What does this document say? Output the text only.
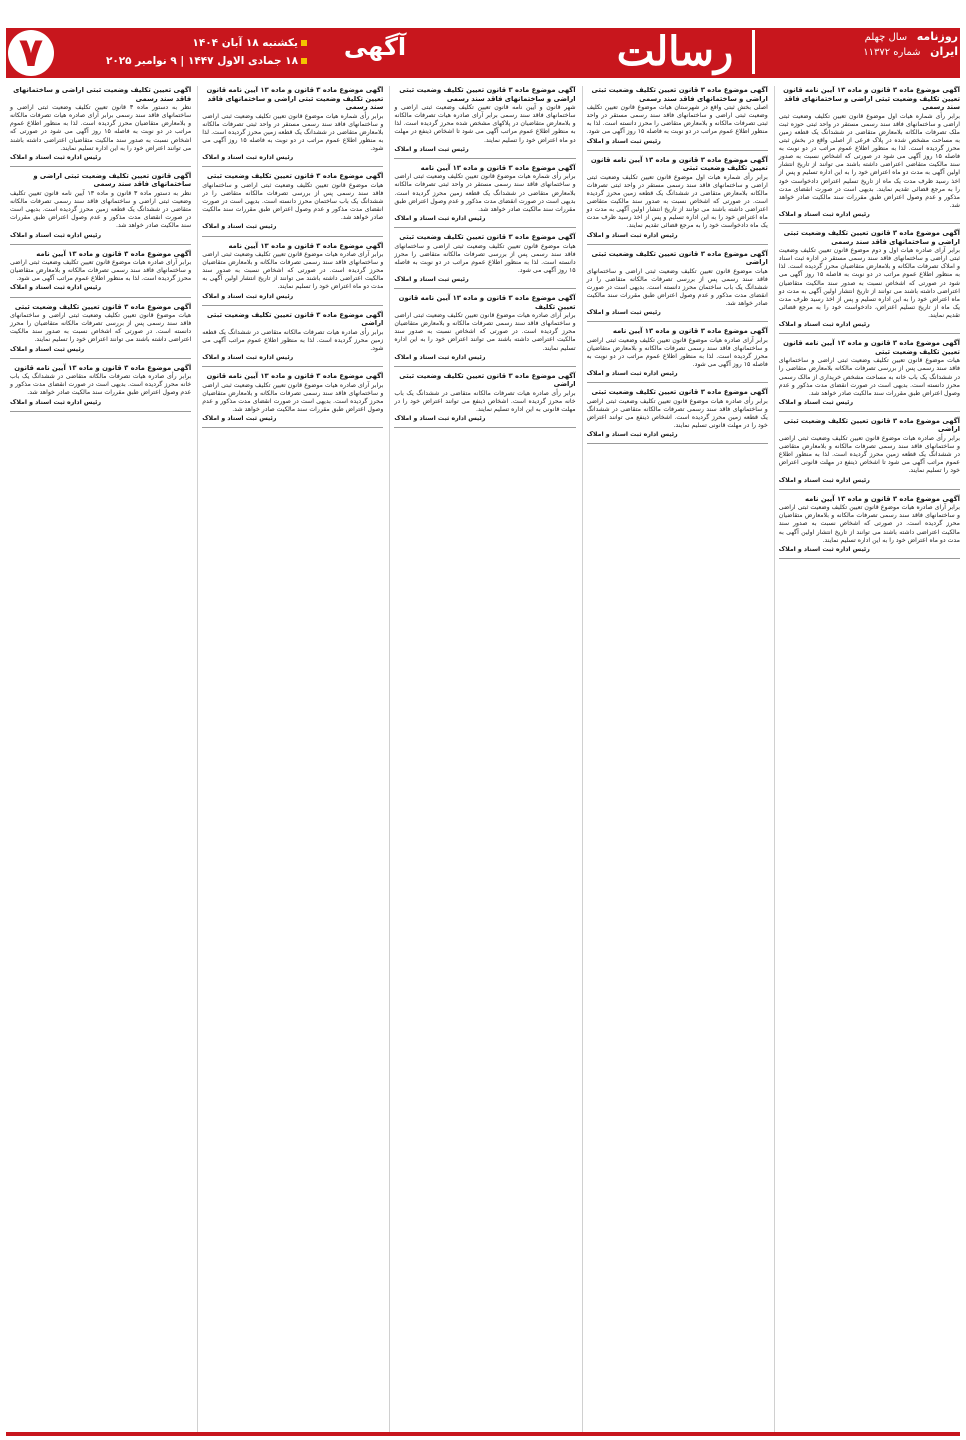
۷	یکشنبه ۱۸ آبان ۱۴۰۴
۱۸ جمادی الاول ۱۴۴۷ | ۹ نوامبر ۲۰۲۵	آگهی	رسالت	روزنامه   سال چهلم
ایران   شماره ۱۱۳۷۲
آگهی موضوع ماده ۳ قانون و ماده ۱۳ آیین نامه قانون تعیین تکلیف وضعیت ثبتی اراضی و ساختمانهای فاقد سند رسمی

برابر رأی شماره هیات اول موضوع قانون تعیین تکلیف وضعیت ثبتی اراضی و ساختمانهای فاقد سند رسمی مستقر در واحد ثبتی حوزه ثبت ملک تصرفات مالکانه بلامعارض متقاضی در ششدانگ یک قطعه زمین به مساحت مشخص شده در پلاک فرعی از اصلی واقع در بخش ثبتی محرز گردیده است. لذا به منظور اطلاع عموم مراتب در دو نوبت به فاصله ۱۵ روز آگهی می شود در صورتی که اشخاص نسبت به صدور سند مالکیت متقاضی اعتراضی داشته باشند می توانند از تاریخ انتشار اولین آگهی به مدت دو ماه اعتراض خود را به این اداره تسلیم و پس از اخذ رسید ظرف مدت یک ماه از تاریخ تسلیم اعتراض دادخواست خود را به مرجع قضائی تقدیم نمایند. بدیهی است در صورت انقضای مدت مذکور و عدم وصول اعتراض طبق مقررات سند مالکیت صادر خواهد شد.

رئیس اداره ثبت اسناد و املاک
آگهی موضوع ماده ۳ قانون تعیین تکلیف وضعیت ثبتی اراضی و ساختمانهای فاقد سند رسمی

برابر آرای صادره هیات اول و دوم موضوع قانون تعیین تکلیف وضعیت ثبتی اراضی و ساختمانهای فاقد سند رسمی مستقر در اداره ثبت اسناد و املاک تصرفات مالکانه و بلامعارض متقاضیان محرز گردیده است. لذا به منظور اطلاع عموم مراتب در دو نوبت به فاصله ۱۵ روز آگهی می شود در صورتی که اشخاص نسبت به صدور سند مالکیت متقاضیان اعتراضی داشته باشند می توانند از تاریخ انتشار اولین آگهی به مدت دو ماه اعتراض خود را به این اداره تسلیم و پس از اخذ رسید ظرف مدت یک ماه از تاریخ تسلیم اعتراض، دادخواست خود را به مرجع قضائی تقدیم نمایند.

رئیس اداره ثبت اسناد و املاک
آگهی موضوع ماده ۳ قانون و ماده ۱۳ آیین نامه قانون تعیین تکلیف وضعیت ثبتی

هیات موضوع قانون تعیین تکلیف وضعیت ثبتی اراضی و ساختمانهای فاقد سند رسمی پس از بررسی تصرفات مالکانه بلامعارض متقاضی را در ششدانگ یک باب خانه به مساحت مشخص خریداری از مالک رسمی محرز دانسته است. بدیهی است در صورت انقضای مدت مذکور و عدم وصول اعتراض طبق مقررات سند مالکیت صادر خواهد شد.

رئیس ثبت اسناد و املاک
آگهی موضوع ماده ۳ قانون تعیین تکلیف وضعیت ثبتی اراضی

برابر رأی صادره هیات موضوع قانون تعیین تکلیف وضعیت ثبتی اراضی و ساختمانهای فاقد سند رسمی تصرفات مالکانه و بلامعارض متقاضی در ششدانگ یک قطعه زمین محرز گردیده است. لذا به منظور اطلاع عموم مراتب آگهی می شود تا اشخاص ذینفع در مهلت قانونی اعتراض خود را تسلیم نمایند.

رئیس اداره ثبت اسناد و املاک
آگهی موضوع ماده ۳ قانون و ماده ۱۳ آیین نامه

برابر آرای صادره هیات موضوع قانون تعیین تکلیف وضعیت ثبتی اراضی و ساختمانهای فاقد سند رسمی تصرفات مالکانه و بلامعارض متقاضیان محرز گردیده است. در صورتی که اشخاص نسبت به صدور سند مالکیت اعتراضی داشته باشند می توانند از تاریخ انتشار اولین آگهی به مدت دو ماه اعتراض خود را به این اداره تسلیم نمایند.

رئیس اداره ثبت اسناد و املاک
آگهی موضوع ماده ۳ قانون تعیین تکلیف وضعیت ثبتی اراضی و ساختمانهای فاقد سند رسمی

اصلی بخش ثبتی واقع در شهرستان هیات موضوع قانون تعیین تکلیف وضعیت ثبتی اراضی و ساختمانهای فاقد سند رسمی مستقر در واحد ثبتی تصرفات مالکانه و بلامعارض متقاضی را محرز دانسته است. لذا به منظور اطلاع عموم مراتب در دو نوبت به فاصله ۱۵ روز آگهی می شود.

رئیس ثبت اسناد و املاک
آگهی موضوع ماده ۳ قانون و ماده ۱۳ آیین نامه قانون تعیین تکلیف وضعیت ثبتی

برابر رأی شماره هیات اول موضوع قانون تعیین تکلیف وضعیت ثبتی اراضی و ساختمانهای فاقد سند رسمی مستقر در واحد ثبتی تصرفات مالکانه بلامعارض متقاضی در ششدانگ یک قطعه زمین محرز گردیده است. در صورتی که اشخاص نسبت به صدور سند مالکیت متقاضی اعتراضی داشته باشند می توانند از تاریخ انتشار اولین آگهی به مدت دو ماه اعتراض خود را به این اداره تسلیم و پس از اخذ رسید ظرف مدت یک ماه دادخواست خود را به مرجع قضائی تقدیم نمایند.

رئیس اداره ثبت اسناد و املاک
آگهی موضوع ماده ۳ قانون تعیین تکلیف وضعیت ثبتی اراضی

هیات موضوع قانون تعیین تکلیف وضعیت ثبتی اراضی و ساختمانهای فاقد سند رسمی پس از بررسی تصرفات مالکانه متقاضی را در ششدانگ یک باب ساختمان محرز دانسته است. بدیهی است در صورت انقضای مدت مذکور و عدم وصول اعتراض طبق مقررات سند مالکیت صادر خواهد شد.

رئیس ثبت اسناد و املاک
آگهی موضوع ماده ۳ قانون و ماده ۱۳ آیین نامه

برابر آرای صادره هیات موضوع قانون تعیین تکلیف وضعیت ثبتی اراضی و ساختمانهای فاقد سند رسمی تصرفات مالکانه و بلامعارض متقاضیان محرز گردیده است. لذا به منظور اطلاع عموم مراتب در دو نوبت به فاصله ۱۵ روز آگهی می شود.

رئیس اداره ثبت اسناد و املاک
آگهی موضوع ماده ۳ قانون تعیین تکلیف وضعیت ثبتی

برابر رأی صادره هیات موضوع قانون تعیین تکلیف وضعیت ثبتی اراضی و ساختمانهای فاقد سند رسمی تصرفات مالکانه متقاضی در ششدانگ یک قطعه زمین محرز گردیده است. اشخاص ذینفع می توانند اعتراض خود را در مهلت قانونی تسلیم نمایند.

رئیس اداره ثبت اسناد و املاک
آگهی موضوع ماده ۳ قانون تعیین تکلیف وضعیت ثبتی اراضی و ساختمانهای فاقد سند رسمی

شهر قانون و آیین نامه قانون تعیین تکلیف وضعیت ثبتی اراضی و ساختمانهای فاقد سند رسمی برابر آرای صادره هیات تصرفات مالکانه و بلامعارض متقاضیان در پلاکهای مشخص شده محرز گردیده است. لذا به منظور اطلاع عموم مراتب آگهی می شود تا اشخاص ذینفع در مهلت دو ماه اعتراض خود را تسلیم نمایند.

رئیس ثبت اسناد و املاک
آگهی موضوع ماده ۳ قانون و ماده ۱۳ آیین نامه

برابر رأی شماره هیات موضوع قانون تعیین تکلیف وضعیت ثبتی اراضی و ساختمانهای فاقد سند رسمی مستقر در واحد ثبتی تصرفات مالکانه بلامعارض متقاضی در ششدانگ یک قطعه زمین محرز گردیده است. بدیهی است در صورت انقضای مدت مذکور و عدم وصول اعتراض طبق مقررات سند مالکیت صادر خواهد شد.

رئیس اداره ثبت اسناد و املاک
آگهی موضوع ماده ۳ قانون تعیین تکلیف وضعیت ثبتی

هیات موضوع قانون تعیین تکلیف وضعیت ثبتی اراضی و ساختمانهای فاقد سند رسمی پس از بررسی تصرفات مالکانه متقاضی را محرز دانسته است. لذا به منظور اطلاع عموم مراتب در دو نوبت به فاصله ۱۵ روز آگهی می شود.

رئیس ثبت اسناد و املاک
آگهی موضوع ماده ۳ قانون و ماده ۱۳ آیین نامه قانون تعیین تکلیف

برابر آرای صادره هیات موضوع قانون تعیین تکلیف وضعیت ثبتی اراضی و ساختمانهای فاقد سند رسمی تصرفات مالکانه و بلامعارض متقاضیان محرز گردیده است. در صورتی که اشخاص نسبت به صدور سند مالکیت اعتراضی داشته باشند می توانند اعتراض خود را به این اداره تسلیم نمایند.

رئیس اداره ثبت اسناد و املاک
آگهی موضوع ماده ۳ قانون تعیین تکلیف وضعیت ثبتی اراضی

برابر رأی صادره هیات تصرفات مالکانه متقاضی در ششدانگ یک باب خانه محرز گردیده است. اشخاص ذینفع می توانند اعتراض خود را در مهلت قانونی به این اداره تسلیم نمایند.

رئیس اداره ثبت اسناد و املاک
آگهی موضوع ماده ۳ قانون و ماده ۱۳ آیین نامه قانون تعیین تکلیف وضعیت ثبتی اراضی و ساختمانهای فاقد سند رسمی

برابر رأی شماره هیات موضوع قانون تعیین تکلیف وضعیت ثبتی اراضی و ساختمانهای فاقد سند رسمی مستقر در واحد ثبتی تصرفات مالکانه بلامعارض متقاضی در ششدانگ یک قطعه زمین محرز گردیده است. لذا به منظور اطلاع عموم مراتب در دو نوبت به فاصله ۱۵ روز آگهی می شود.

رئیس اداره ثبت اسناد و املاک
آگهی موضوع ماده ۳ قانون تعیین تکلیف وضعیت ثبتی

هیات موضوع قانون تعیین تکلیف وضعیت ثبتی اراضی و ساختمانهای فاقد سند رسمی پس از بررسی تصرفات مالکانه متقاضی را در ششدانگ یک باب ساختمان محرز دانسته است. بدیهی است در صورت انقضای مدت مذکور و عدم وصول اعتراض طبق مقررات سند مالکیت صادر خواهد شد.

رئیس ثبت اسناد و املاک
آگهی موضوع ماده ۳ قانون و ماده ۱۳ آیین نامه

برابر آرای صادره هیات موضوع قانون تعیین تکلیف وضعیت ثبتی اراضی و ساختمانهای فاقد سند رسمی تصرفات مالکانه و بلامعارض متقاضیان محرز گردیده است. در صورتی که اشخاص نسبت به صدور سند مالکیت اعتراضی داشته باشند می توانند از تاریخ انتشار اولین آگهی به مدت دو ماه اعتراض خود را تسلیم نمایند.

رئیس اداره ثبت اسناد و املاک
آگهی موضوع ماده ۳ قانون تعیین تکلیف وضعیت ثبتی اراضی

برابر رأی صادره هیات تصرفات مالکانه متقاضی در ششدانگ یک قطعه زمین محرز گردیده است. لذا به منظور اطلاع عموم مراتب آگهی می شود.

رئیس اداره ثبت اسناد و املاک
آگهی موضوع ماده ۳ قانون و ماده ۱۳ آیین نامه قانون

برابر آرای صادره هیات موضوع قانون تعیین تکلیف وضعیت ثبتی اراضی و ساختمانهای فاقد سند رسمی تصرفات مالکانه و بلامعارض متقاضیان محرز گردیده است. بدیهی است در صورت انقضای مدت مذکور و عدم وصول اعتراض طبق مقررات سند مالکیت صادر خواهد شد.

رئیس ثبت اسناد و املاک
آگهی تعیین تکلیف وضعیت ثبتی اراضی و ساختمانهای فاقد سند رسمی

نظر به دستور ماده ۳ قانون تعیین تکلیف وضعیت ثبتی اراضی و ساختمانهای فاقد سند رسمی برابر آرای صادره هیات تصرفات مالکانه و بلامعارض متقاضیان محرز گردیده است. لذا به منظور اطلاع عموم مراتب در دو نوبت به فاصله ۱۵ روز آگهی می شود در صورتی که اشخاص نسبت به صدور سند مالکیت متقاضیان اعتراضی داشته باشند می توانند اعتراض خود را به این اداره تسلیم نمایند.

رئیس اداره ثبت اسناد و املاک
آگهی قانون تعیین تکلیف وضعیت ثبتی اراضی و ساختمانهای فاقد سند رسمی

نظر به دستور ماده ۳ قانون و ماده ۱۳ آیین نامه قانون تعیین تکلیف وضعیت ثبتی اراضی و ساختمانهای فاقد سند رسمی تصرفات مالکانه متقاضی در ششدانگ یک قطعه زمین محرز گردیده است. بدیهی است در صورت انقضای مدت مذکور و عدم وصول اعتراض طبق مقررات سند مالکیت صادر خواهد شد.

رئیس اداره ثبت اسناد و املاک
آگهی موضوع ماده ۳ قانون و ماده ۱۳ آیین نامه

برابر آرای صادره هیات موضوع قانون تعیین تکلیف وضعیت ثبتی اراضی و ساختمانهای فاقد سند رسمی تصرفات مالکانه و بلامعارض متقاضیان محرز گردیده است. لذا به منظور اطلاع عموم مراتب آگهی می شود.

رئیس اداره ثبت اسناد و املاک
آگهی موضوع ماده ۳ قانون تعیین تکلیف وضعیت ثبتی

هیات موضوع قانون تعیین تکلیف وضعیت ثبتی اراضی و ساختمانهای فاقد سند رسمی پس از بررسی تصرفات مالکانه متقاضیان را محرز دانسته است. در صورتی که اشخاص نسبت به صدور سند مالکیت اعتراضی داشته باشند می توانند اعتراض خود را تسلیم نمایند.

رئیس ثبت اسناد و املاک
آگهی موضوع ماده ۳ قانون و ماده ۱۳ آیین نامه قانون

برابر رأی صادره هیات تصرفات مالکانه متقاضی در ششدانگ یک باب خانه محرز گردیده است. بدیهی است در صورت انقضای مدت مذکور و عدم وصول اعتراض طبق مقررات سند مالکیت صادر خواهد شد.

رئیس اداره ثبت اسناد و املاک
